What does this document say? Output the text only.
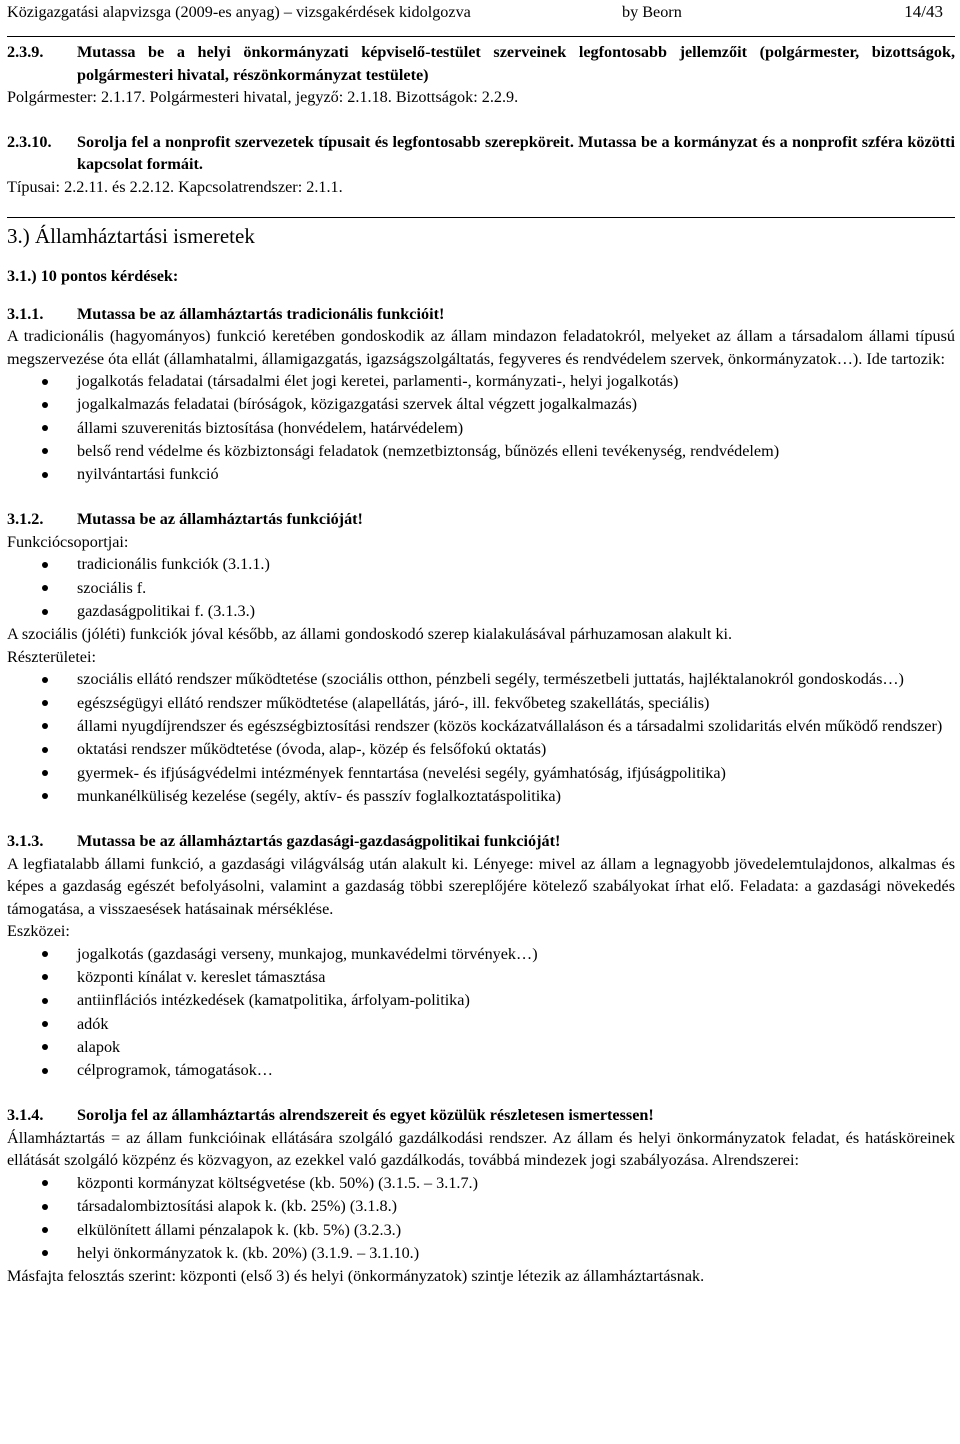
Közigazgatási alapvizsga (2009-es anyag) – vizsgakérdések kidolgozva	by Beorn	14/43
2.3.9.	Mutassa be a helyi önkormányzati képviselő-testület szerveinek legfontosabb jellemzőit (polgármester, bizottságok, polgármesteri hivatal, részönkormányzat testülete)

Polgármester: 2.1.17. Polgármesteri hivatal, jegyző: 2.1.18. Bizottságok: 2.2.9.

2.3.10.	Sorolja fel a nonprofit szervezetek típusait és legfontosabb szerepköreit. Mutassa be a kormányzat és a nonprofit szféra közötti kapcsolat formáit.

Típusai: 2.2.11. és 2.2.12. Kapcsolatrendszer: 2.1.1.

3.) Államháztartási ismeretek

3.1.) 10 pontos kérdések:

3.1.1.	Mutassa be az államháztartás tradicionális funkcióit!

A tradicionális (hagyományos) funkció keretében gondoskodik az állam mindazon feladatokról, melyeket az állam a társadalom állami típusú megszervezése óta ellát (államhatalmi, államigazgatás, igazságszolgáltatás, fegyveres és rendvédelem szervek, önkormányzatok…). Ide tartozik:

jogalkotás feladatai (társadalmi élet jogi keretei, parlamenti-, kormányzati-, helyi jogalkotás)
jogalkalmazás feladatai (bíróságok, közigazgatási szervek által végzett jogalkalmazás)
állami szuverenitás biztosítása (honvédelem, határvédelem)
belső rend védelme és közbiztonsági feladatok (nemzetbiztonság, bűnözés elleni tevékenység, rendvédelem)
nyilvántartási funkció
3.1.2.	Mutassa be az államháztartás funkcióját!

Funkciócsoportjai:

tradicionális funkciók (3.1.1.)
szociális f.
gazdaságpolitikai f. (3.1.3.)

A szociális (jóléti) funkciók jóval később, az állami gondoskodó szerep kialakulásával párhuzamosan alakult ki.

Részterületei:

szociális ellátó rendszer működtetése (szociális otthon, pénzbeli segély, természetbeli juttatás, hajléktalanokról gondoskodás…)
egészségügyi ellátó rendszer működtetése (alapellátás, járó-, ill. fekvőbeteg szakellátás, speciális)
állami nyugdíjrendszer és egészségbiztosítási rendszer (közös kockázatvállaláson és a társadalmi szolidaritás elvén működő rendszer)
oktatási rendszer működtetése (óvoda, alap-, közép és felsőfokú oktatás)
gyermek- és ifjúságvédelmi intézmények fenntartása (nevelési segély, gyámhatóság, ifjúságpolitika)
munkanélküliség kezelése (segély, aktív- és passzív foglalkoztatáspolitika)
3.1.3.	Mutassa be az államháztartás gazdasági-gazdaságpolitikai funkcióját!

A legfiatalabb állami funkció, a gazdasági világválság után alakult ki. Lényege: mivel az állam a legnagyobb jövedelemtulajdonos, alkalmas és képes a gazdaság egészét befolyásolni, valamint a gazdaság többi szereplőjére kötelező szabályokat írhat elő. Feladata: a gazdasági növekedés támogatása, a visszaesések hatásainak mérséklése.

Eszközei:

jogalkotás (gazdasági verseny, munkajog, munkavédelmi törvények…)
központi kínálat v. kereslet támasztása
antiinflációs intézkedések (kamatpolitika, árfolyam-politika)
adók
alapok
célprogramok, támogatások…
3.1.4.	Sorolja fel az államháztartás alrendszereit és egyet közülük részletesen ismertessen!

Államháztartás = az állam funkcióinak ellátására szolgáló gazdálkodási rendszer. Az állam és helyi önkormányzatok feladat, és hatásköreinek ellátását szolgáló közpénz és közvagyon, az ezekkel való gazdálkodás, továbbá mindezek jogi szabályozása. Alrendszerei:

központi kormányzat költségvetése (kb. 50%) (3.1.5. – 3.1.7.)
társadalombiztosítási alapok k. (kb. 25%) (3.1.8.)
elkülönített állami pénzalapok k. (kb. 5%) (3.2.3.)
helyi önkormányzatok k. (kb. 20%) (3.1.9. – 3.1.10.)

Másfajta felosztás szerint: központi (első 3) és helyi (önkormányzatok) szintje létezik az államháztartásnak.
